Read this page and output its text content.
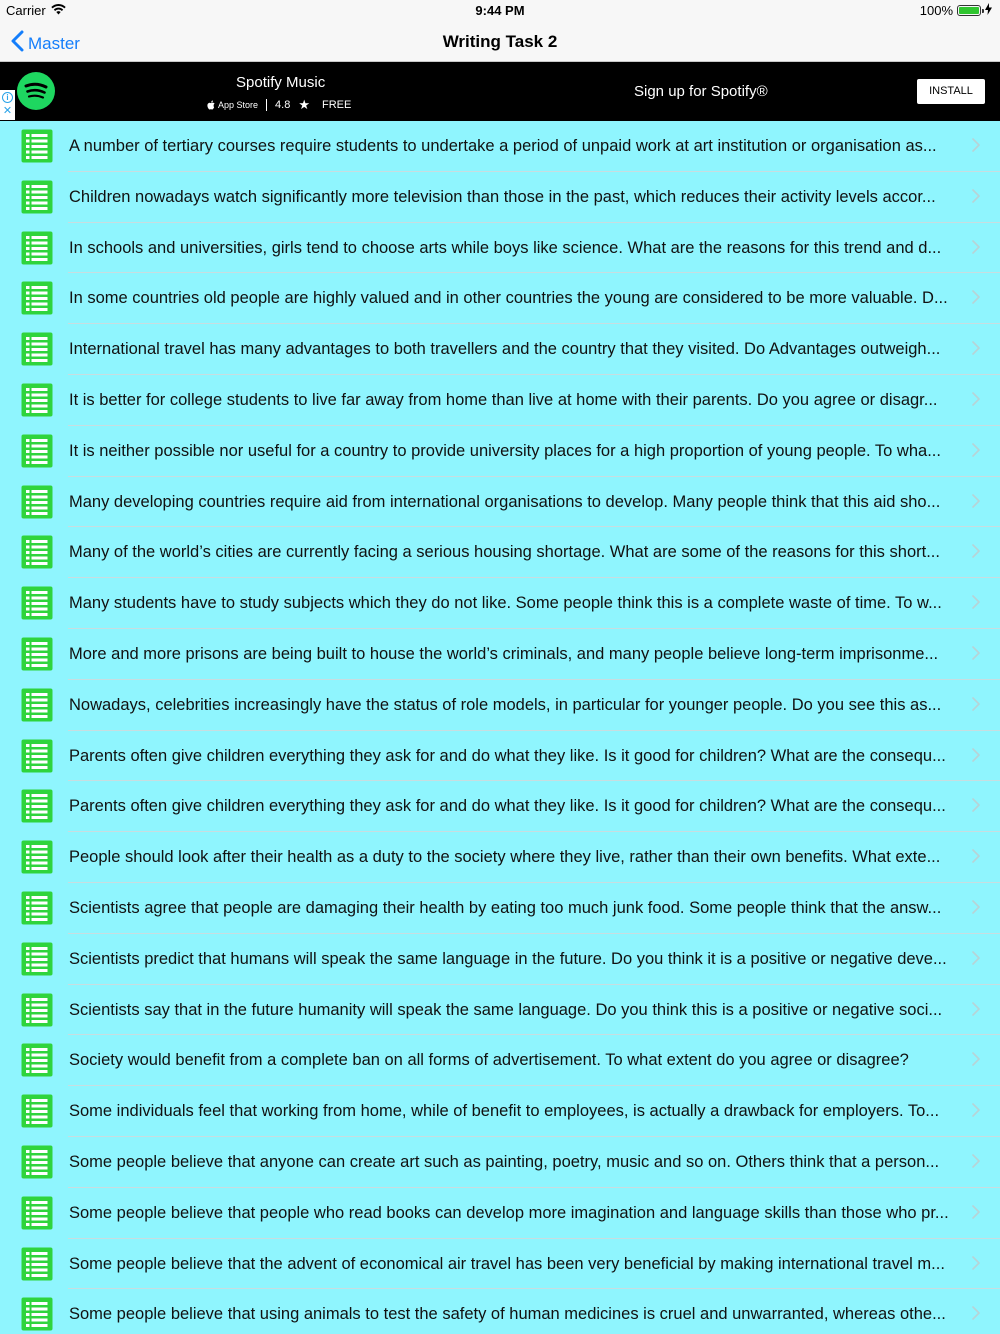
Carrier	9:44 PM	100%
Master	Writing Task 2
i
✕
Spotify Music
App Store 4.8 ★ FREE
Sign up for Spotify®	INSTALL
A number of tertiary courses require students to undertake a period of unpaid work at art institution or organisation as...
Children nowadays watch significantly more television than those in the past, which reduces their activity levels accor...
In schools and universities, girls tend to choose arts while boys like science. What are the reasons for this trend and d...
In some countries old people are highly valued and in other countries the young are considered to be more valuable. D...
International travel has many advantages to both travellers and the country that they visited. Do Advantages outweigh...
It is better for college students to live far away from home than live at home with their parents. Do you agree or disagr...
It is neither possible nor useful for a country to provide university places for a high proportion of young people. To wha...
Many developing countries require aid from international organisations to develop. Many people think that this aid sho...
Many of the world’s cities are currently facing a serious housing shortage. What are some of the reasons for this short...
Many students have to study subjects which they do not like. Some people think this is a complete waste of time. To w...
More and more prisons are being built to house the world’s criminals, and many people believe long-term imprisonme...
Nowadays, celebrities increasingly have the status of role models, in particular for younger people. Do you see this as...
Parents often give children everything they ask for and do what they like. Is it good for children? What are the consequ...
Parents often give children everything they ask for and do what they like. Is it good for children? What are the consequ...
People should look after their health as a duty to the society where they live, rather than their own benefits. What exte...
Scientists agree that people are damaging their health by eating too much junk food. Some people think that the answ...
Scientists predict that humans will speak the same language in the future. Do you think it is a positive or negative deve...
Scientists say that in the future humanity will speak the same language. Do you think this is a positive or negative soci...
Society would benefit from a complete ban on all forms of advertisement. To what extent do you agree or disagree?
Some individuals feel that working from home, while of benefit to employees, is actually a drawback for employers. To...
Some people believe that anyone can create art such as painting, poetry, music and so on. Others think that a person...
Some people believe that people who read books can develop more imagination and language skills than those who pr...
Some people believe that the advent of economical air travel has been very beneficial by making international travel m...
Some people believe that using animals to test the safety of human medicines is cruel and unwarranted, whereas othe...
